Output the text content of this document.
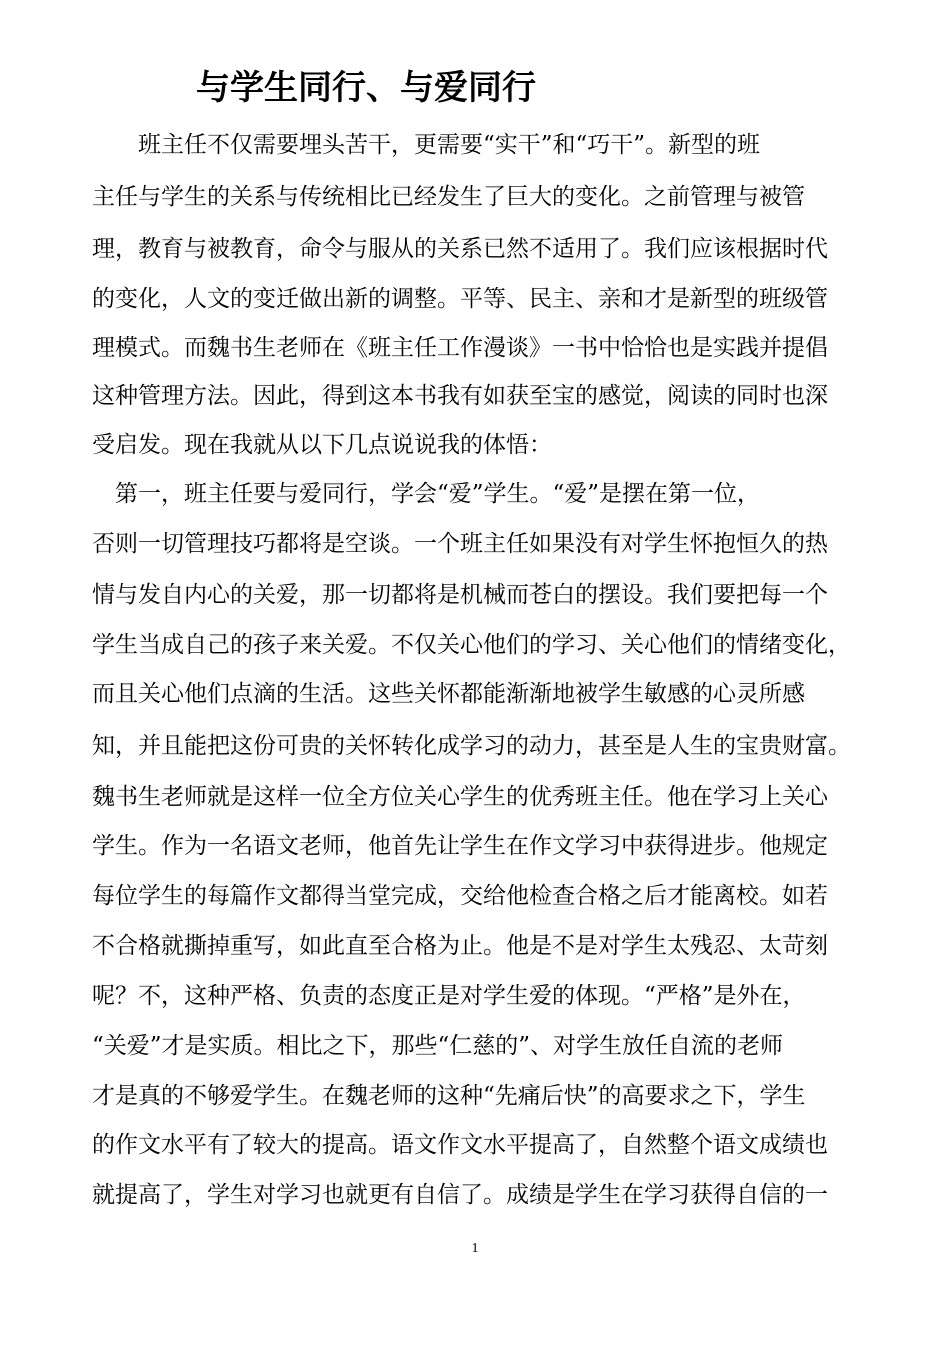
与学生同行、与爱同行

　　班主任不仅需要埋头苦干，更需要“实干”和“巧干”。新型的班

主任与学生的关系与传统相比已经发生了巨大的变化。之前管理与被管

理，教育与被教育，命令与服从的关系已然不适用了。我们应该根据时代

的变化，人文的变迁做出新的调整。平等、民主、亲和才是新型的班级管

理模式。而魏书生老师在《班主任工作漫谈》一书中恰恰也是实践并提倡

这种管理方法。因此，得到这本书我有如获至宝的感觉，阅读的同时也深

受启发。现在我就从以下几点说说我的体悟：

　第一，班主任要与爱同行，学会“爱”学生。“爱”是摆在第一位，

否则一切管理技巧都将是空谈。一个班主任如果没有对学生怀抱恒久的热

情与发自内心的关爱，那一切都将是机械而苍白的摆设。我们要把每一个

学生当成自己的孩子来关爱。不仅关心他们的学习、关心他们的情绪变化，

而且关心他们点滴的生活。这些关怀都能渐渐地被学生敏感的心灵所感

知，并且能把这份可贵的关怀转化成学习的动力，甚至是人生的宝贵财富。

魏书生老师就是这样一位全方位关心学生的优秀班主任。他在学习上关心

学生。作为一名语文老师，他首先让学生在作文学习中获得进步。他规定

每位学生的每篇作文都得当堂完成，交给他检查合格之后才能离校。如若

不合格就撕掉重写，如此直至合格为止。他是不是对学生太残忍、太苛刻

呢？不，这种严格、负责的态度正是对学生爱的体现。“严格”是外在，

“关爱”才是实质。相比之下，那些“仁慈的”、对学生放任自流的老师

才是真的不够爱学生。在魏老师的这种“先痛后快”的高要求之下，学生

的作文水平有了较大的提高。语文作文水平提高了，自然整个语文成绩也

就提高了，学生对学习也就更有自信了。成绩是学生在学习获得自信的一

1
